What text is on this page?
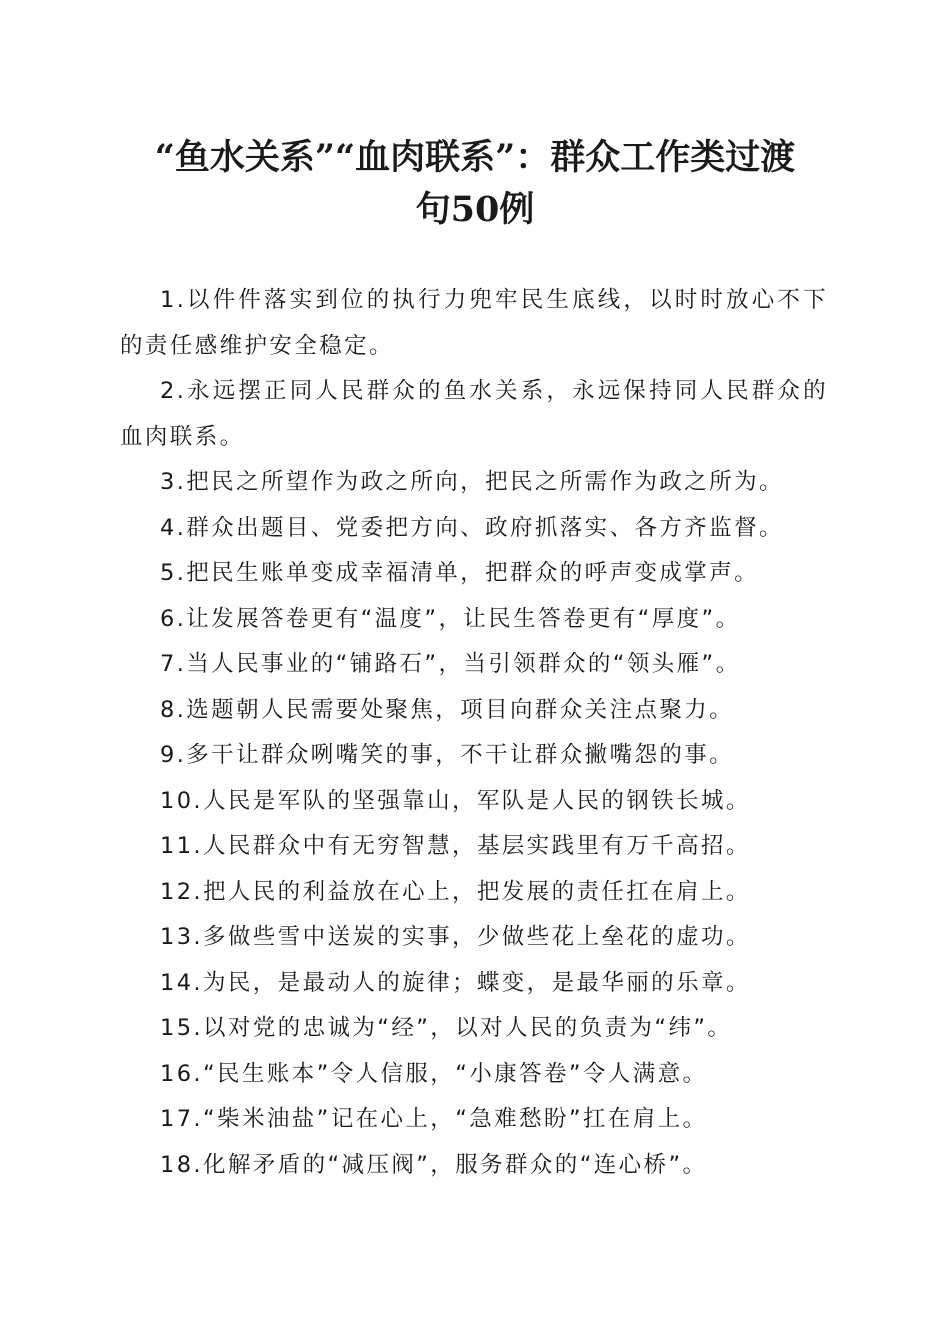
“鱼水关系”“血肉联系”：群众工作类过渡
句50例

1.以件件落实到位的执行力兜牢民生底线，以时时放心不下的责任感维护安全稳定。

2.永远摆正同人民群众的鱼水关系，永远保持同人民群众的血肉联系。

3.把民之所望作为政之所向，把民之所需作为政之所为。

4.群众出题目、党委把方向、政府抓落实、各方齐监督。

5.把民生账单变成幸福清单，把群众的呼声变成掌声。

6.让发展答卷更有“温度”，让民生答卷更有“厚度”。

7.当人民事业的“铺路石”，当引领群众的“领头雁”。

8.选题朝人民需要处聚焦，项目向群众关注点聚力。

9.多干让群众咧嘴笑的事，不干让群众撇嘴怨的事。

10.人民是军队的坚强靠山，军队是人民的钢铁长城。

11.人民群众中有无穷智慧，基层实践里有万千高招。

12.把人民的利益放在心上，把发展的责任扛在肩上。

13.多做些雪中送炭的实事，少做些花上垒花的虚功。

14.为民，是最动人的旋律；蝶变，是最华丽的乐章。

15.以对党的忠诚为“经”，以对人民的负责为“纬”。

16.“民生账本”令人信服，“小康答卷”令人满意。

17.“柴米油盐”记在心上，“急难愁盼”扛在肩上。

18.化解矛盾的“减压阀”，服务群众的“连心桥”。
